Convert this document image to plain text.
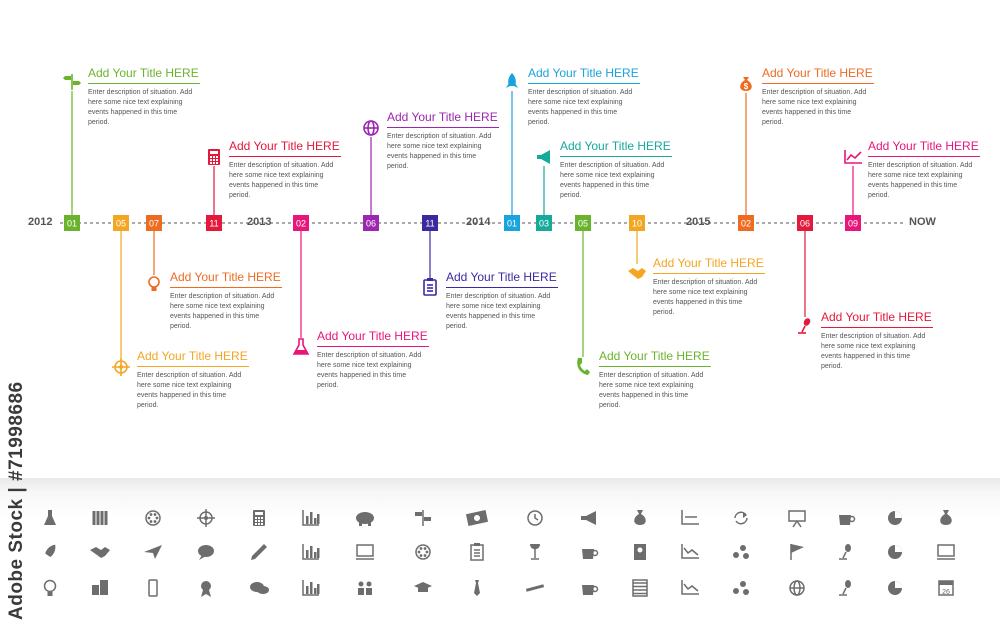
01	05	07	11	02	06	11	01 03	05	10	02	06	09
$
Add Your Title HERE
Enter description of situation. Add here some nice text explaining events happened in this time period.
Add Your Title HERE
Enter description of situation. Add here some nice text explaining events happened in this time period.
Add Your Title HERE
Enter description of situation. Add here some nice text explaining events happened in this time period.
Add Your Title HERE
Enter description of situation. Add here some nice text explaining events happened in this time period.
Add Your Title HERE
Enter description of situation. Add here some nice text explaining events happened in this time period.
Add Your Title HERE
Enter description of situation. Add here some nice text explaining events happened in this time period.
Add Your Title HERE
Enter description of situation. Add here some nice text explaining events happened in this time period.
Add Your Title HERE
Enter description of situation. Add here some nice text explaining events happened in this time period.
Add Your Title HERE
Enter description of situation. Add here some nice text explaining events happened in this time period.
Add Your Title HERE
Enter description of situation. Add here some nice text explaining events happened in this time period.
Add Your Title HERE
Enter description of situation. Add here some nice text explaining events happened in this time period.
Add Your Title HERE
Enter description of situation. Add here some nice text explaining events happened in this time period.
Add Your Title HERE
Enter description of situation. Add here some nice text explaining events happened in this time period.
Add Your Title HERE
Enter description of situation. Add here some nice text explaining events happened in this time period.
2012	2013	2014	2015	NOW
26
Adobe Stock | #71998686
